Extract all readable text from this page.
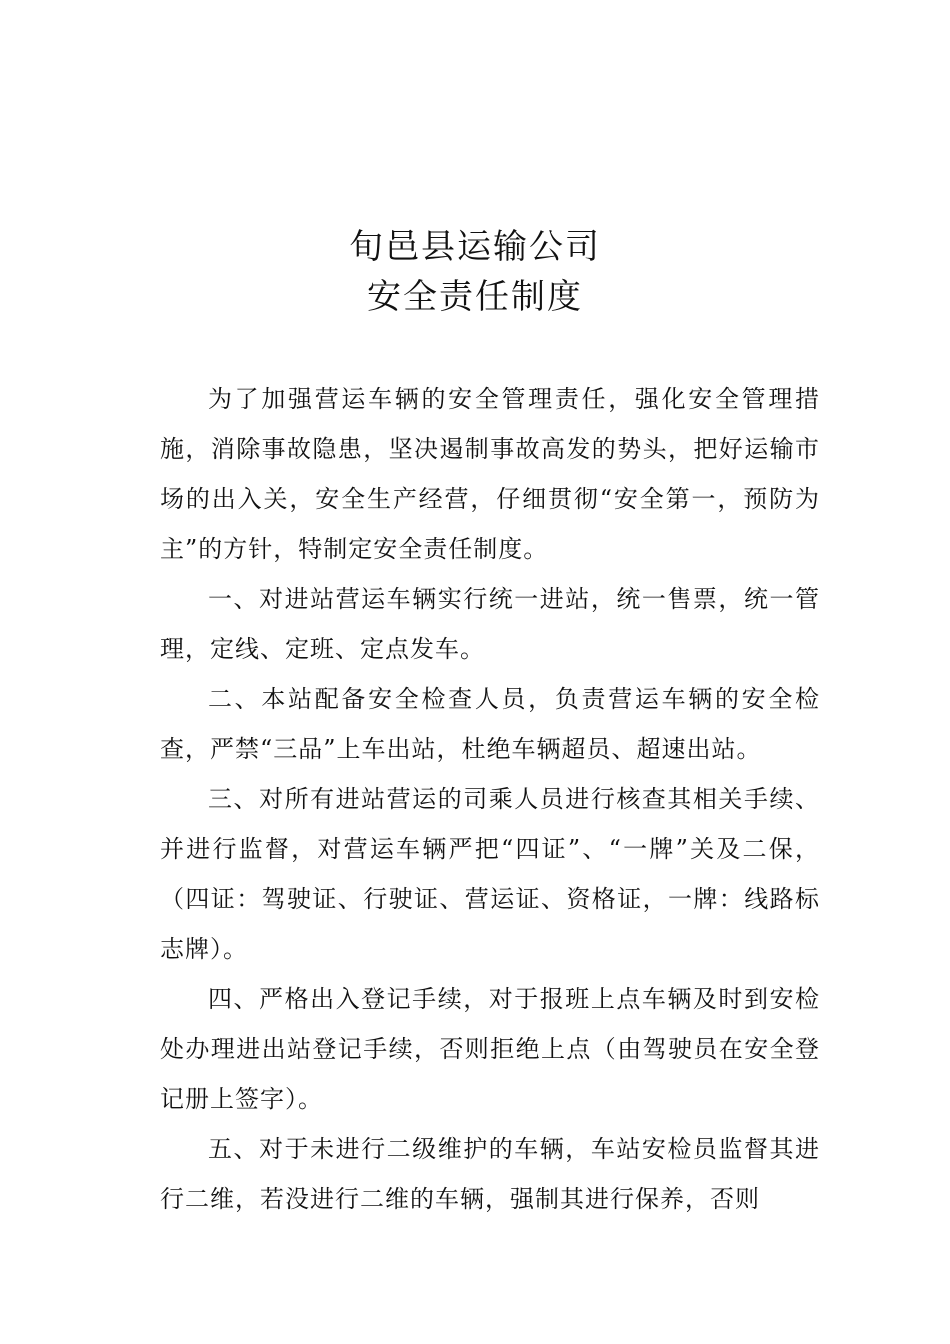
旬邑县运输公司
安全责任制度

为了加强营运车辆的安全管理责任，强化安全管理措施，消除事故隐患，坚决遏制事故高发的势头，把好运输市场的出入关，安全生产经营，仔细贯彻“安全第一，预防为主”的方针，特制定安全责任制度。

一、对进站营运车辆实行统一进站，统一售票，统一管理，定线、定班、定点发车。

二、本站配备安全检查人员，负责营运车辆的安全检查，严禁“三品”上车出站，杜绝车辆超员、超速出站。

三、对所有进站营运的司乘人员进行核查其相关手续、并进行监督，对营运车辆严把“四证”、“一牌”关及二保，（四证：驾驶证、行驶证、营运证、资格证，一牌：线路标志牌）。

四、严格出入登记手续，对于报班上点车辆及时到安检处办理进出站登记手续，否则拒绝上点（由驾驶员在安全登记册上签字）。

五、对于未进行二级维护的车辆，车站安检员监督其进行二维，若没进行二维的车辆，强制其进行保养，否则
